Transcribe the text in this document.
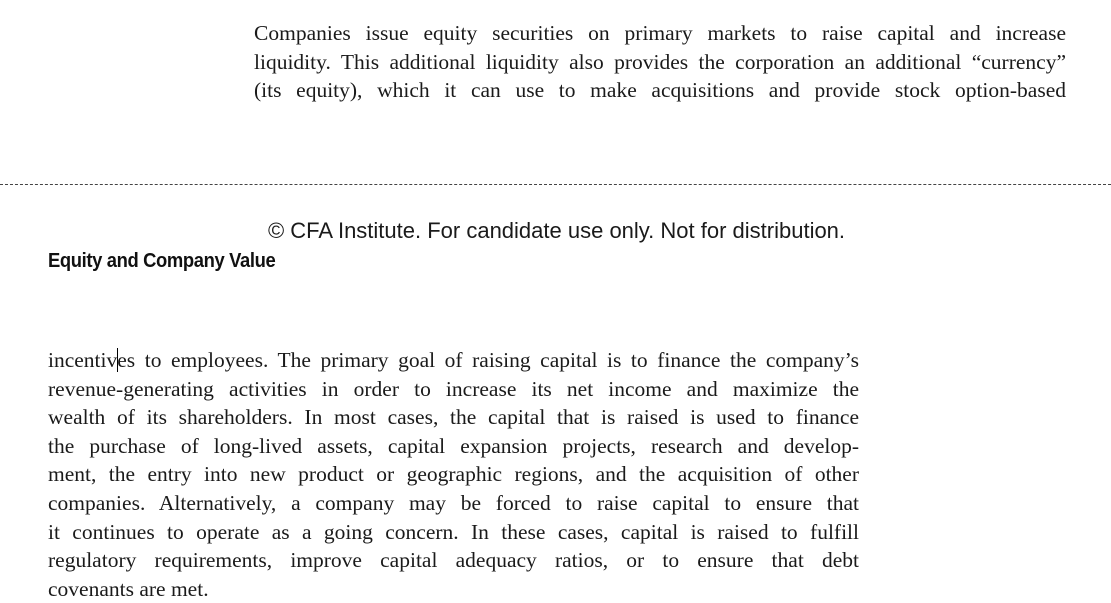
Companies issue equity securities on primary markets to raise capital and increase
liquidity. This additional liquidity also provides the corporation an additional “currency”
(its equity), which it can use to make acquisitions and provide stock option-based
© CFA Institute. For candidate use only. Not for distribution.
Equity and Company Value
incentives to employees. The primary goal of raising capital is to finance the company’s
revenue-generating activities in order to increase its net income and maximize the
wealth of its shareholders. In most cases, the capital that is raised is used to finance
the purchase of long-lived assets, capital expansion projects, research and develop-
ment, the entry into new product or geographic regions, and the acquisition of other
companies. Alternatively, a company may be forced to raise capital to ensure that
it continues to operate as a going concern. In these cases, capital is raised to fulfill
regulatory requirements, improve capital adequacy ratios, or to ensure that debt
covenants are met.
